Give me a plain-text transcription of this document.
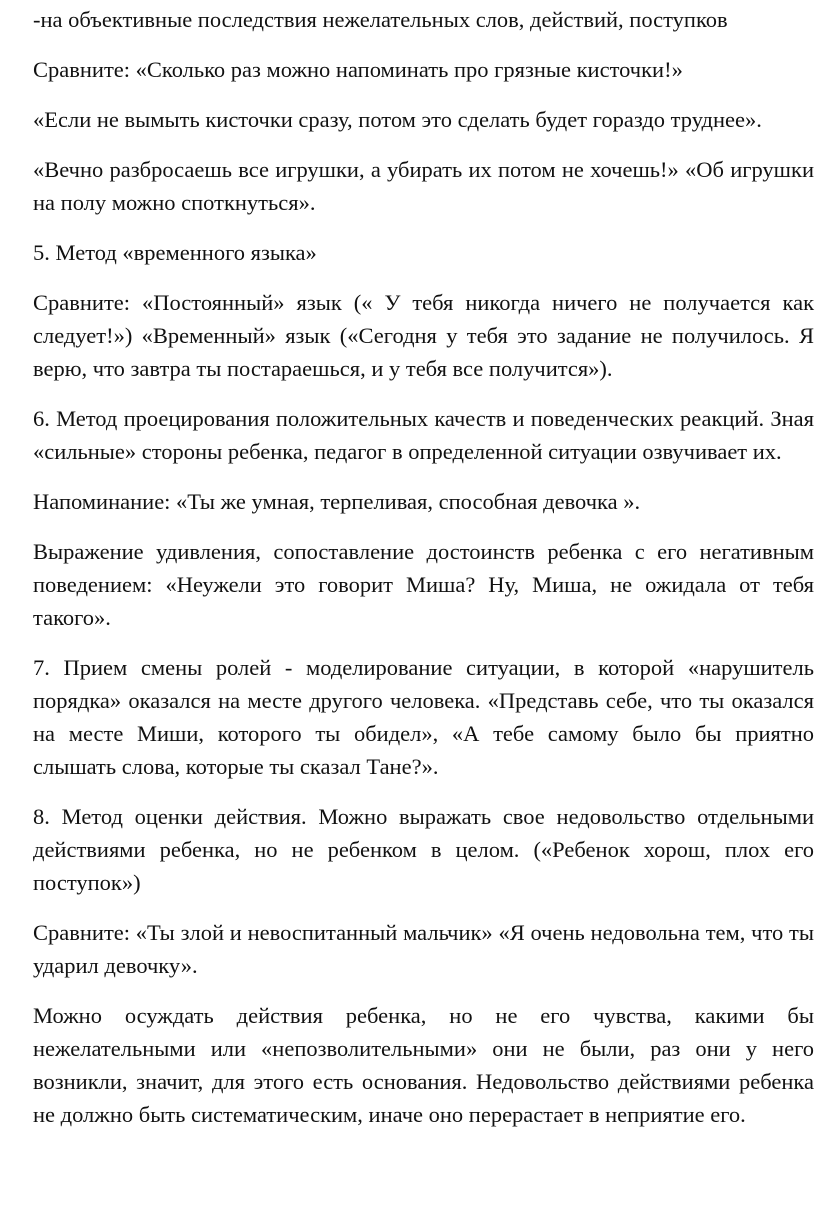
-на объективные последствия нежелательных слов, действий, поступков

Сравните: «Сколько раз можно напоминать про грязные кисточки!»

«Если не вымыть кисточки сразу, потом это сделать будет гораздо труднее».

«Вечно разбросаешь все игрушки, а убирать их потом не хочешь!» «Об игрушки на полу можно споткнуться».

5. Метод «временного языка»

Сравните: «Постоянный» язык (« У тебя никогда ничего не получается как следует!») «Временный» язык («Сегодня у тебя это задание не получилось. Я верю, что завтра ты постараешься, и у тебя все получится»).

6. Метод проецирования положительных качеств и поведенческих реакций. Зная «сильные» стороны ребенка, педагог в определенной ситуации озвучивает их.

Напоминание: «Ты же умная, терпеливая, способная девочка ».

Выражение удивления, сопоставление достоинств ребенка с его негативным поведением: «Неужели это говорит Миша? Ну, Миша, не ожидала от тебя такого».

7. Прием смены ролей - моделирование ситуации, в которой «нарушитель порядка» оказался на месте другого человека. «Представь себе, что ты оказался на месте Миши, которого ты обидел», «А тебе самому было бы приятно слышать слова, которые ты сказал Тане?».

8. Метод оценки действия. Можно выражать свое недовольство отдельными действиями ребенка, но не ребенком в целом. («Ребенок хорош, плох его поступок»)

Сравните: «Ты злой и невоспитанный мальчик» «Я очень недовольна тем, что ты ударил девочку».

Можно осуждать действия ребенка, но не его чувства, какими бы нежелательными или «непозволительными» они не были, раз они у него возникли, значит, для этого есть основания. Недовольство действиями ребенка не должно быть систематическим, иначе оно перерастает в неприятие его.
